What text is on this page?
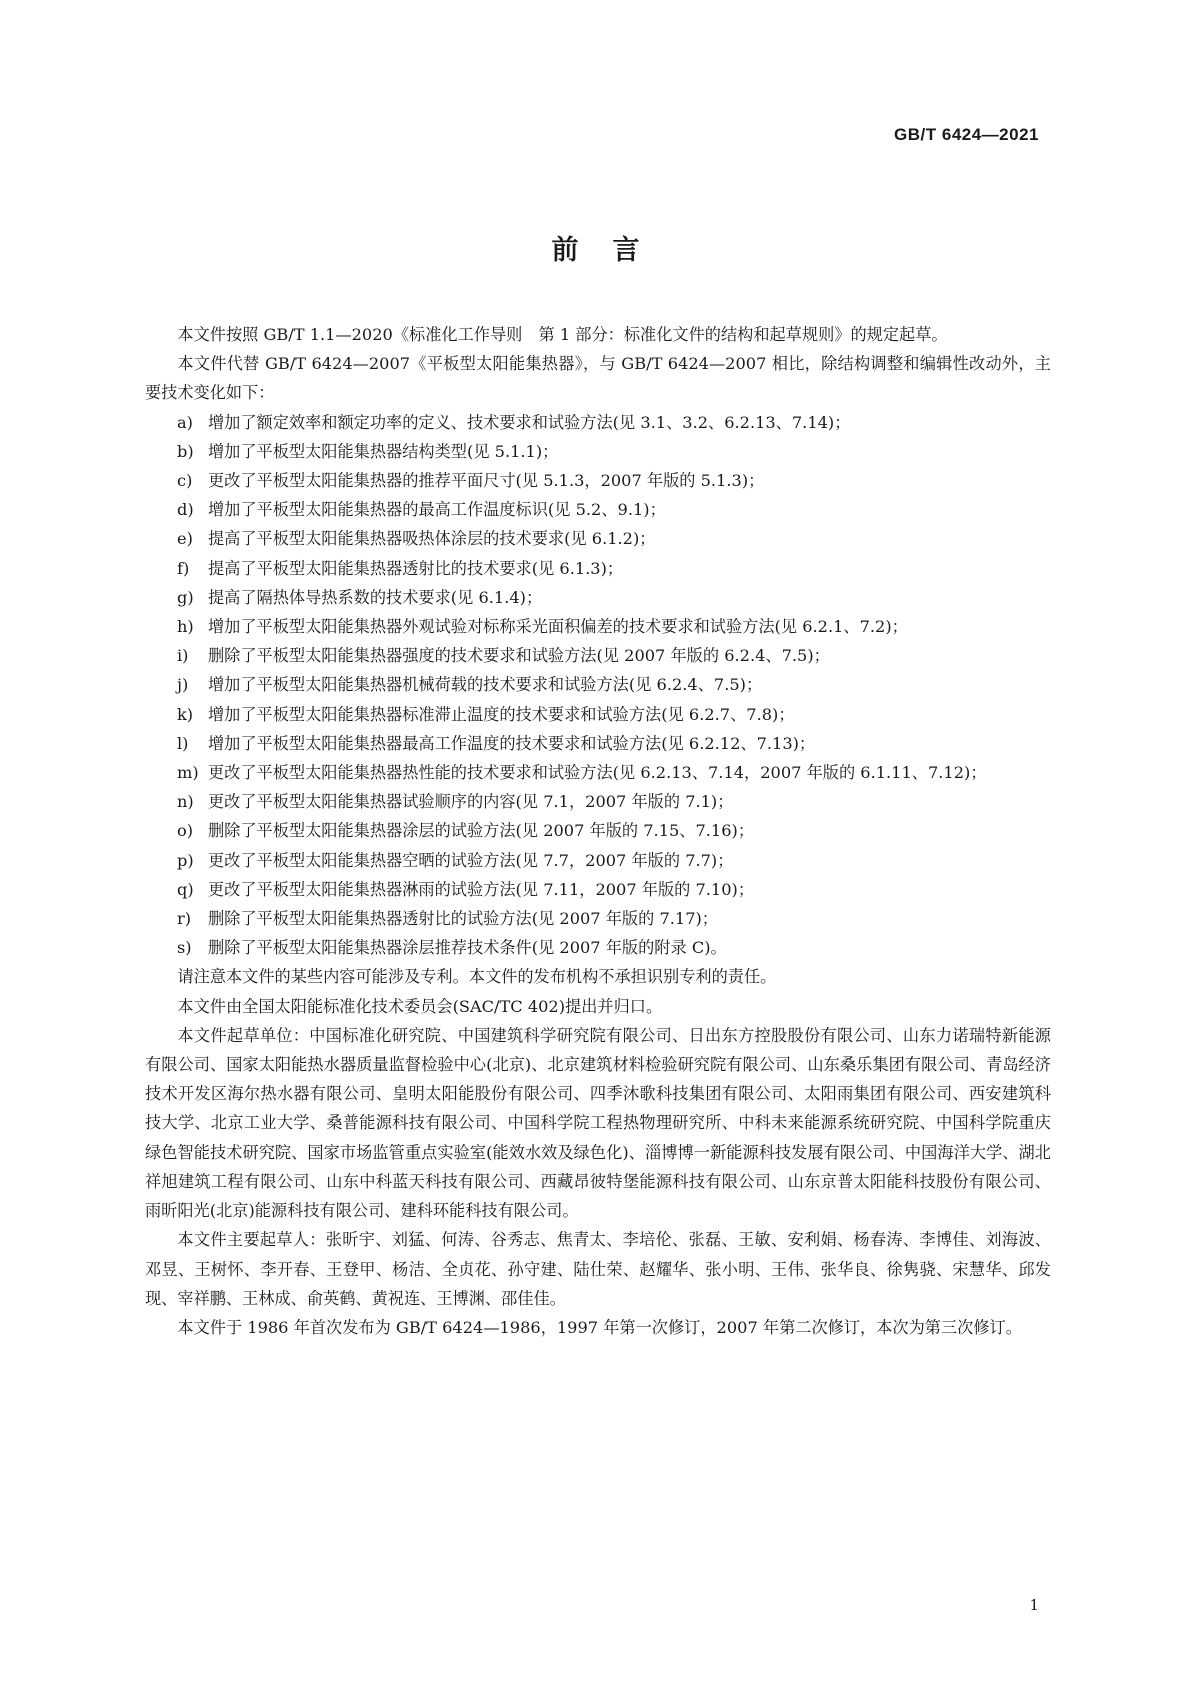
GB/T 6424—2021
前言

本文件按照 GB/T 1.1—2020《标准化工作导则　第 1 部分：标准化文件的结构和起草规则》的规定起草。

本文件代替 GB/T 6424—2007《平板型太阳能集热器》，与 GB/T 6424—2007 相比，除结构调整和编辑性改动外，主要技术变化如下：

a) 增加了额定效率和额定功率的定义、技术要求和试验方法(见 3.1、3.2、6.2.13、7.14)；
b) 增加了平板型太阳能集热器结构类型(见 5.1.1)；
c) 更改了平板型太阳能集热器的推荐平面尺寸(见 5.1.3，2007 年版的 5.1.3)；
d) 增加了平板型太阳能集热器的最高工作温度标识(见 5.2、9.1)；
e) 提高了平板型太阳能集热器吸热体涂层的技术要求(见 6.1.2)；
f) 提高了平板型太阳能集热器透射比的技术要求(见 6.1.3)；
g) 提高了隔热体导热系数的技术要求(见 6.1.4)；
h) 增加了平板型太阳能集热器外观试验对标称采光面积偏差的技术要求和试验方法(见 6.2.1、7.2)；
i) 删除了平板型太阳能集热器强度的技术要求和试验方法(见 2007 年版的 6.2.4、7.5)；
j) 增加了平板型太阳能集热器机械荷载的技术要求和试验方法(见 6.2.4、7.5)；
k) 增加了平板型太阳能集热器标准滞止温度的技术要求和试验方法(见 6.2.7、7.8)；
l) 增加了平板型太阳能集热器最高工作温度的技术要求和试验方法(见 6.2.12、7.13)；
m) 更改了平板型太阳能集热器热性能的技术要求和试验方法(见 6.2.13、7.14，2007 年版的 6.1.11、7.12)；
n) 更改了平板型太阳能集热器试验顺序的内容(见 7.1，2007 年版的 7.1)；
o) 删除了平板型太阳能集热器涂层的试验方法(见 2007 年版的 7.15、7.16)；
p) 更改了平板型太阳能集热器空晒的试验方法(见 7.7，2007 年版的 7.7)；
q) 更改了平板型太阳能集热器淋雨的试验方法(见 7.11，2007 年版的 7.10)；
r) 删除了平板型太阳能集热器透射比的试验方法(见 2007 年版的 7.17)；
s) 删除了平板型太阳能集热器涂层推荐技术条件(见 2007 年版的附录 C)。

请注意本文件的某些内容可能涉及专利。本文件的发布机构不承担识别专利的责任。

本文件由全国太阳能标准化技术委员会(SAC/TC 402)提出并归口。

本文件起草单位：中国标准化研究院、中国建筑科学研究院有限公司、日出东方控股股份有限公司、山东力诺瑞特新能源有限公司、国家太阳能热水器质量监督检验中心(北京)、北京建筑材料检验研究院有限公司、山东桑乐集团有限公司、青岛经济技术开发区海尔热水器有限公司、皇明太阳能股份有限公司、四季沐歌科技集团有限公司、太阳雨集团有限公司、西安建筑科技大学、北京工业大学、桑普能源科技有限公司、中国科学院工程热物理研究所、中科未来能源系统研究院、中国科学院重庆绿色智能技术研究院、国家市场监管重点实验室(能效水效及绿色化)、淄博博一新能源科技发展有限公司、中国海洋大学、湖北祥旭建筑工程有限公司、山东中科蓝天科技有限公司、西藏昂彼特堡能源科技有限公司、山东京普太阳能科技股份有限公司、雨昕阳光(北京)能源科技有限公司、建科环能科技有限公司。

本文件主要起草人：张昕宇、刘猛、何涛、谷秀志、焦青太、李培伦、张磊、王敏、安利娟、杨春涛、李博佳、刘海波、邓昱、王树怀、李开春、王登甲、杨洁、全贞花、孙守建、陆仕荣、赵耀华、张小明、王伟、张华良、徐隽骁、宋慧华、邱发现、宰祥鹏、王林成、俞英鹤、黄祝连、王博渊、邵佳佳。

本文件于 1986 年首次发布为 GB/T 6424—1986，1997 年第一次修订，2007 年第二次修订，本次为第三次修订。

1
